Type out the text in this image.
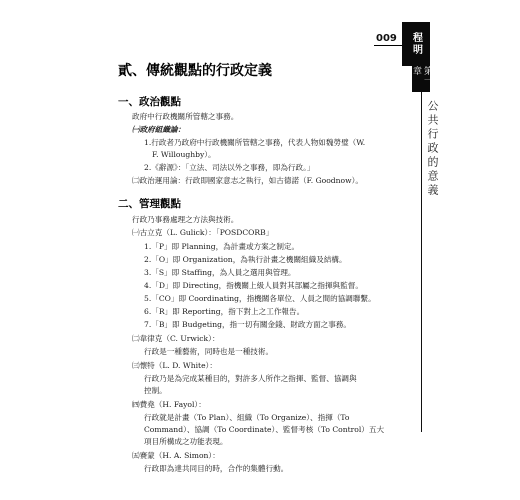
009	程明
第一章
公共行政的意義
貳、傳統觀點的行政定義
一、政治觀點
政府中行政機關所管轄之事務。
㈠政府組織論：
1.行政者乃政府中行政機關所管轄之事務，代表人物如魏勞璧（W.
F. Willoughby）。
2.《辭源》：「立法、司法以外之事務，即為行政。」
㈡政治運用論：行政即國家意志之執行，如古德諾（F. Goodnow）。
二、管理觀點
行政乃事務處理之方法與技術。
㈠古立克（L. Gulick）：「POSDCORB」
1.「P」即 Planning，為計畫或方案之制定。
2.「O」即 Organization，為執行計畫之機關組織及結構。
3.「S」即 Staffing，為人員之選用與管理。
4.「D」即 Directing，指機關上級人員對其部屬之指揮與監督。
5.「CO」即 Coordinating，指機關各單位、人員之間的協調聯繫。
6.「R」即 Reporting，指下對上之工作報告。
7.「B」即 Budgeting，指一切有關金錢、財政方面之事務。
㈡韋律克（C. Urwick）：
行政是一種藝術，同時也是一種技術。
㈢懷特（L. D. White）：
行政乃是為完成某種目的，對許多人所作之指揮、監督、協調與
控制。
㈣費堯（H. Fayol）：
行政就是計畫（To Plan）、組織（To Organize）、指揮（To
Command）、協調（To Coordinate）、監督考核（To Control）五大
項目所構成之功能表現。
㈤賽蒙（H. A. Simon）：
行政即為達共同目的時，合作的集體行動。
